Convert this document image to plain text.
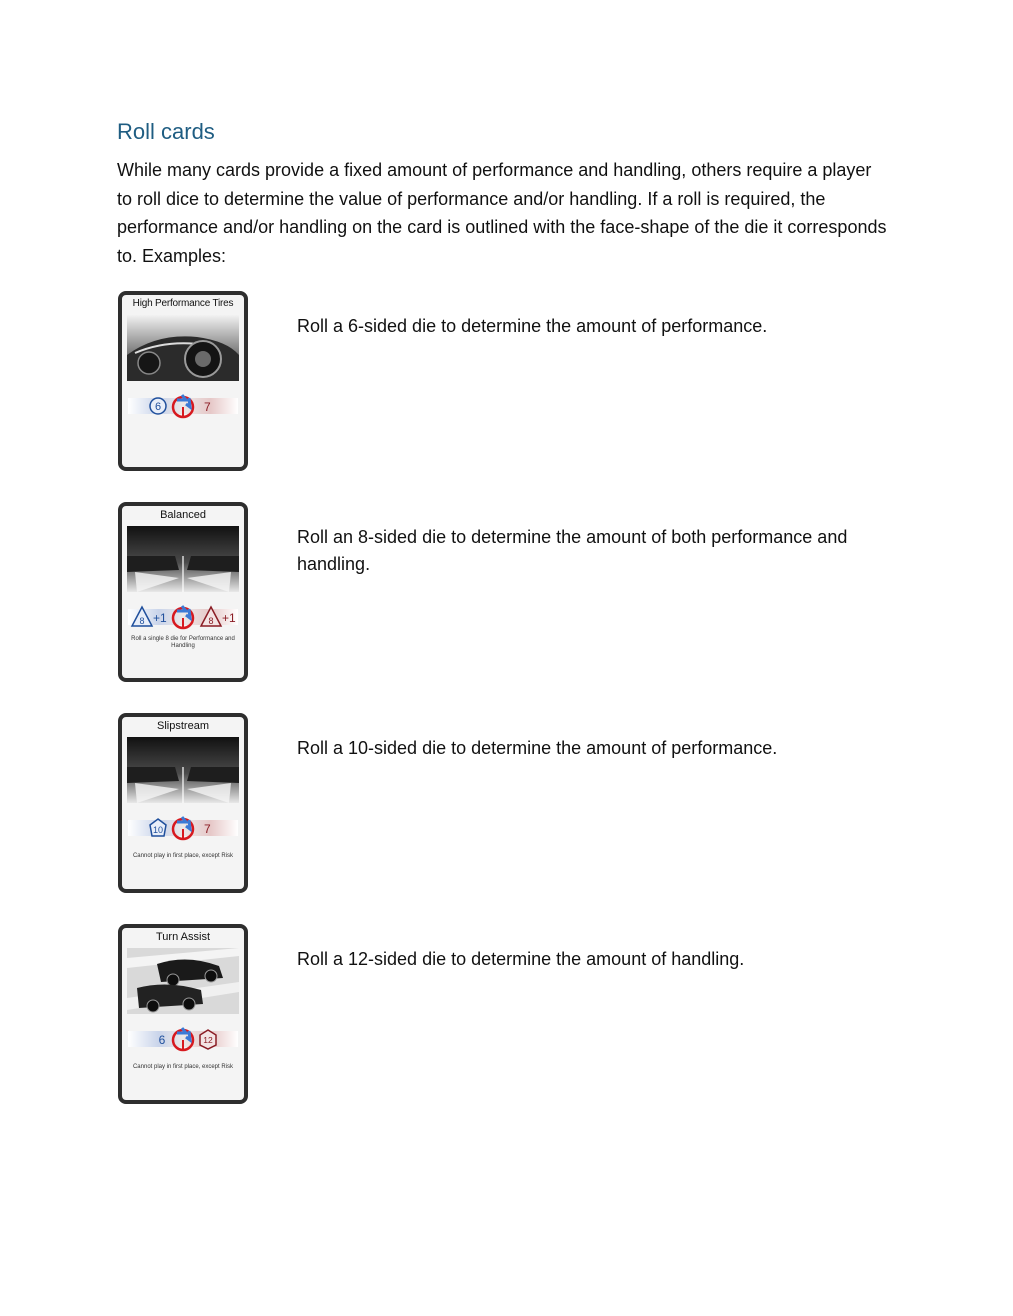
Roll cards

While many cards provide a fixed amount of performance and handling, others require a player to roll dice to determine the value of performance and/or handling. If a roll is required, the performance and/or handling on the card is outlined with the face-shape of the die it corresponds to. Examples:

High Performance Tires
6	7

Roll a 6-sided die to determine the amount of performance.

Balanced
8 +1	8 +1
Roll a single 8 die for Performance and Handling

Roll an 8-sided die to determine the amount of both performance and handling.

Slipstream
10	7
Cannot play in first place, except Risk

Roll a 10-sided die to determine the amount of performance.

Turn Assist
6	12
Cannot play in first place, except Risk

Roll a 12-sided die to determine the amount of handling.
